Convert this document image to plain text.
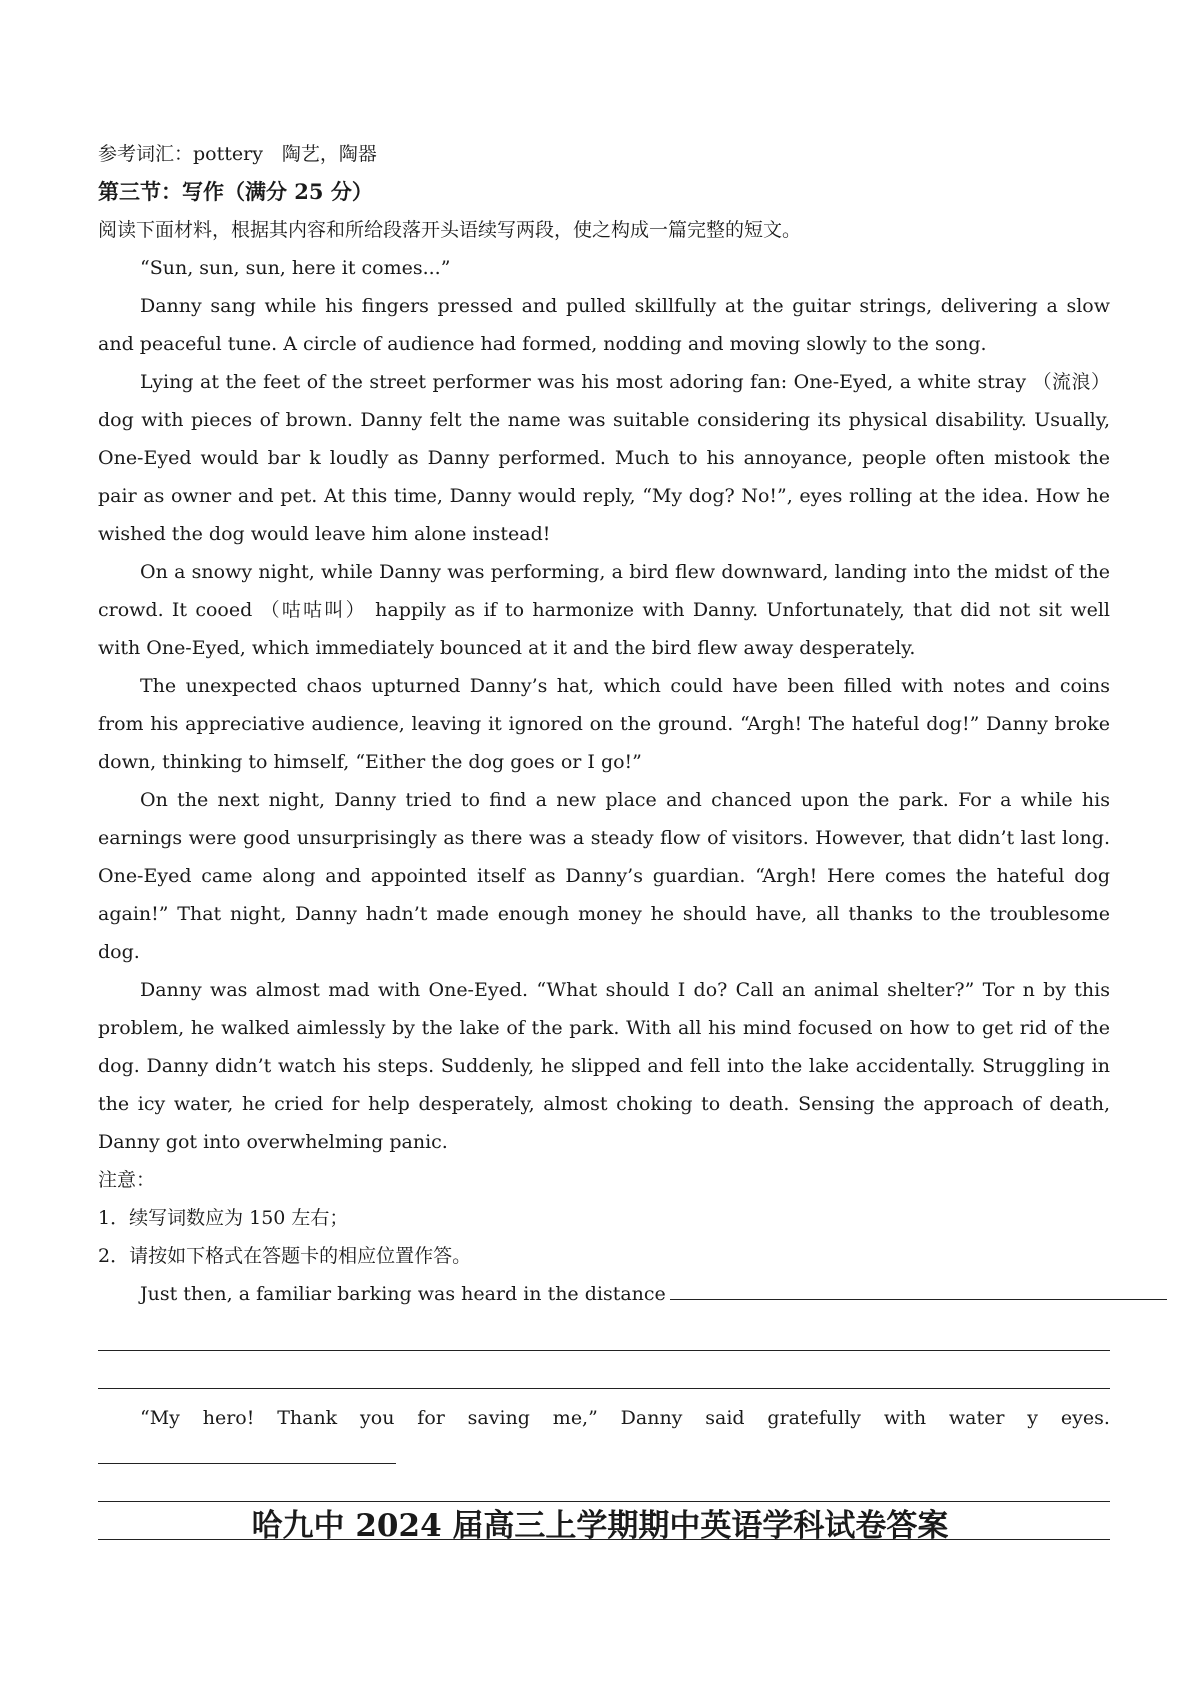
参考词汇：pottery　陶艺，陶器
第三节：写作（满分 25 分）
阅读下面材料，根据其内容和所给段落开头语续写两段，使之构成一篇完整的短文。

“Sun, sun, sun, here it comes...”

Danny sang while his fingers pressed and pulled skillfully at the guitar strings, delivering a slow and peaceful tune. A circle of audience had formed, nodding and moving slowly to the song.

Lying at the feet of the street performer was his most adoring fan: One-Eyed, a white stray （流浪） dog with pieces of brown. Danny felt the name was suitable considering its physical disability. Usually, One-Eyed would bar k loudly as Danny performed. Much to his annoyance, people often mistook the pair as owner and pet. At this time, Danny would reply, “My dog? No!”, eyes rolling at the idea. How he wished the dog would leave him alone instead!

On a snowy night, while Danny was performing, a bird flew downward, landing into the midst of the crowd. It cooed （咕咕叫） happily as if to harmonize with Danny. Unfortunately, that did not sit well with One-Eyed, which immediately bounced at it and the bird flew away desperately.

The unexpected chaos upturned Danny’s hat, which could have been filled with notes and coins from his appreciative audience, leaving it ignored on the ground. “Argh! The hateful dog!” Danny broke down, thinking to himself, “Either the dog goes or I go!”

On the next night, Danny tried to find a new place and chanced upon the park. For a while his earnings were good unsurprisingly as there was a steady flow of visitors. However, that didn’t last long. One-Eyed came along and appointed itself as Danny’s guardian. “Argh! Here comes the hateful dog again!” That night, Danny hadn’t made enough money he should have, all thanks to the troublesome dog.

Danny was almost mad with One-Eyed. “What should I do? Call an animal shelter?” Tor n by this problem, he walked aimlessly by the lake of the park. With all his mind focused on how to get rid of the dog. Danny didn’t watch his steps. Suddenly, he slipped and fell into the lake accidentally. Struggling in the icy water, he cried for help desperately, almost choking to death. Sensing the approach of death, Danny got into overwhelming panic.

注意：
1．续写词数应为 150 左右；
2．请按如下格式在答题卡的相应位置作答。
Just then, a familiar barking was heard in the distance
“My hero! Thank you for saving me,” Danny said gratefully with water y eyes.
哈九中 2024 届高三上学期期中英语学科试卷答案
